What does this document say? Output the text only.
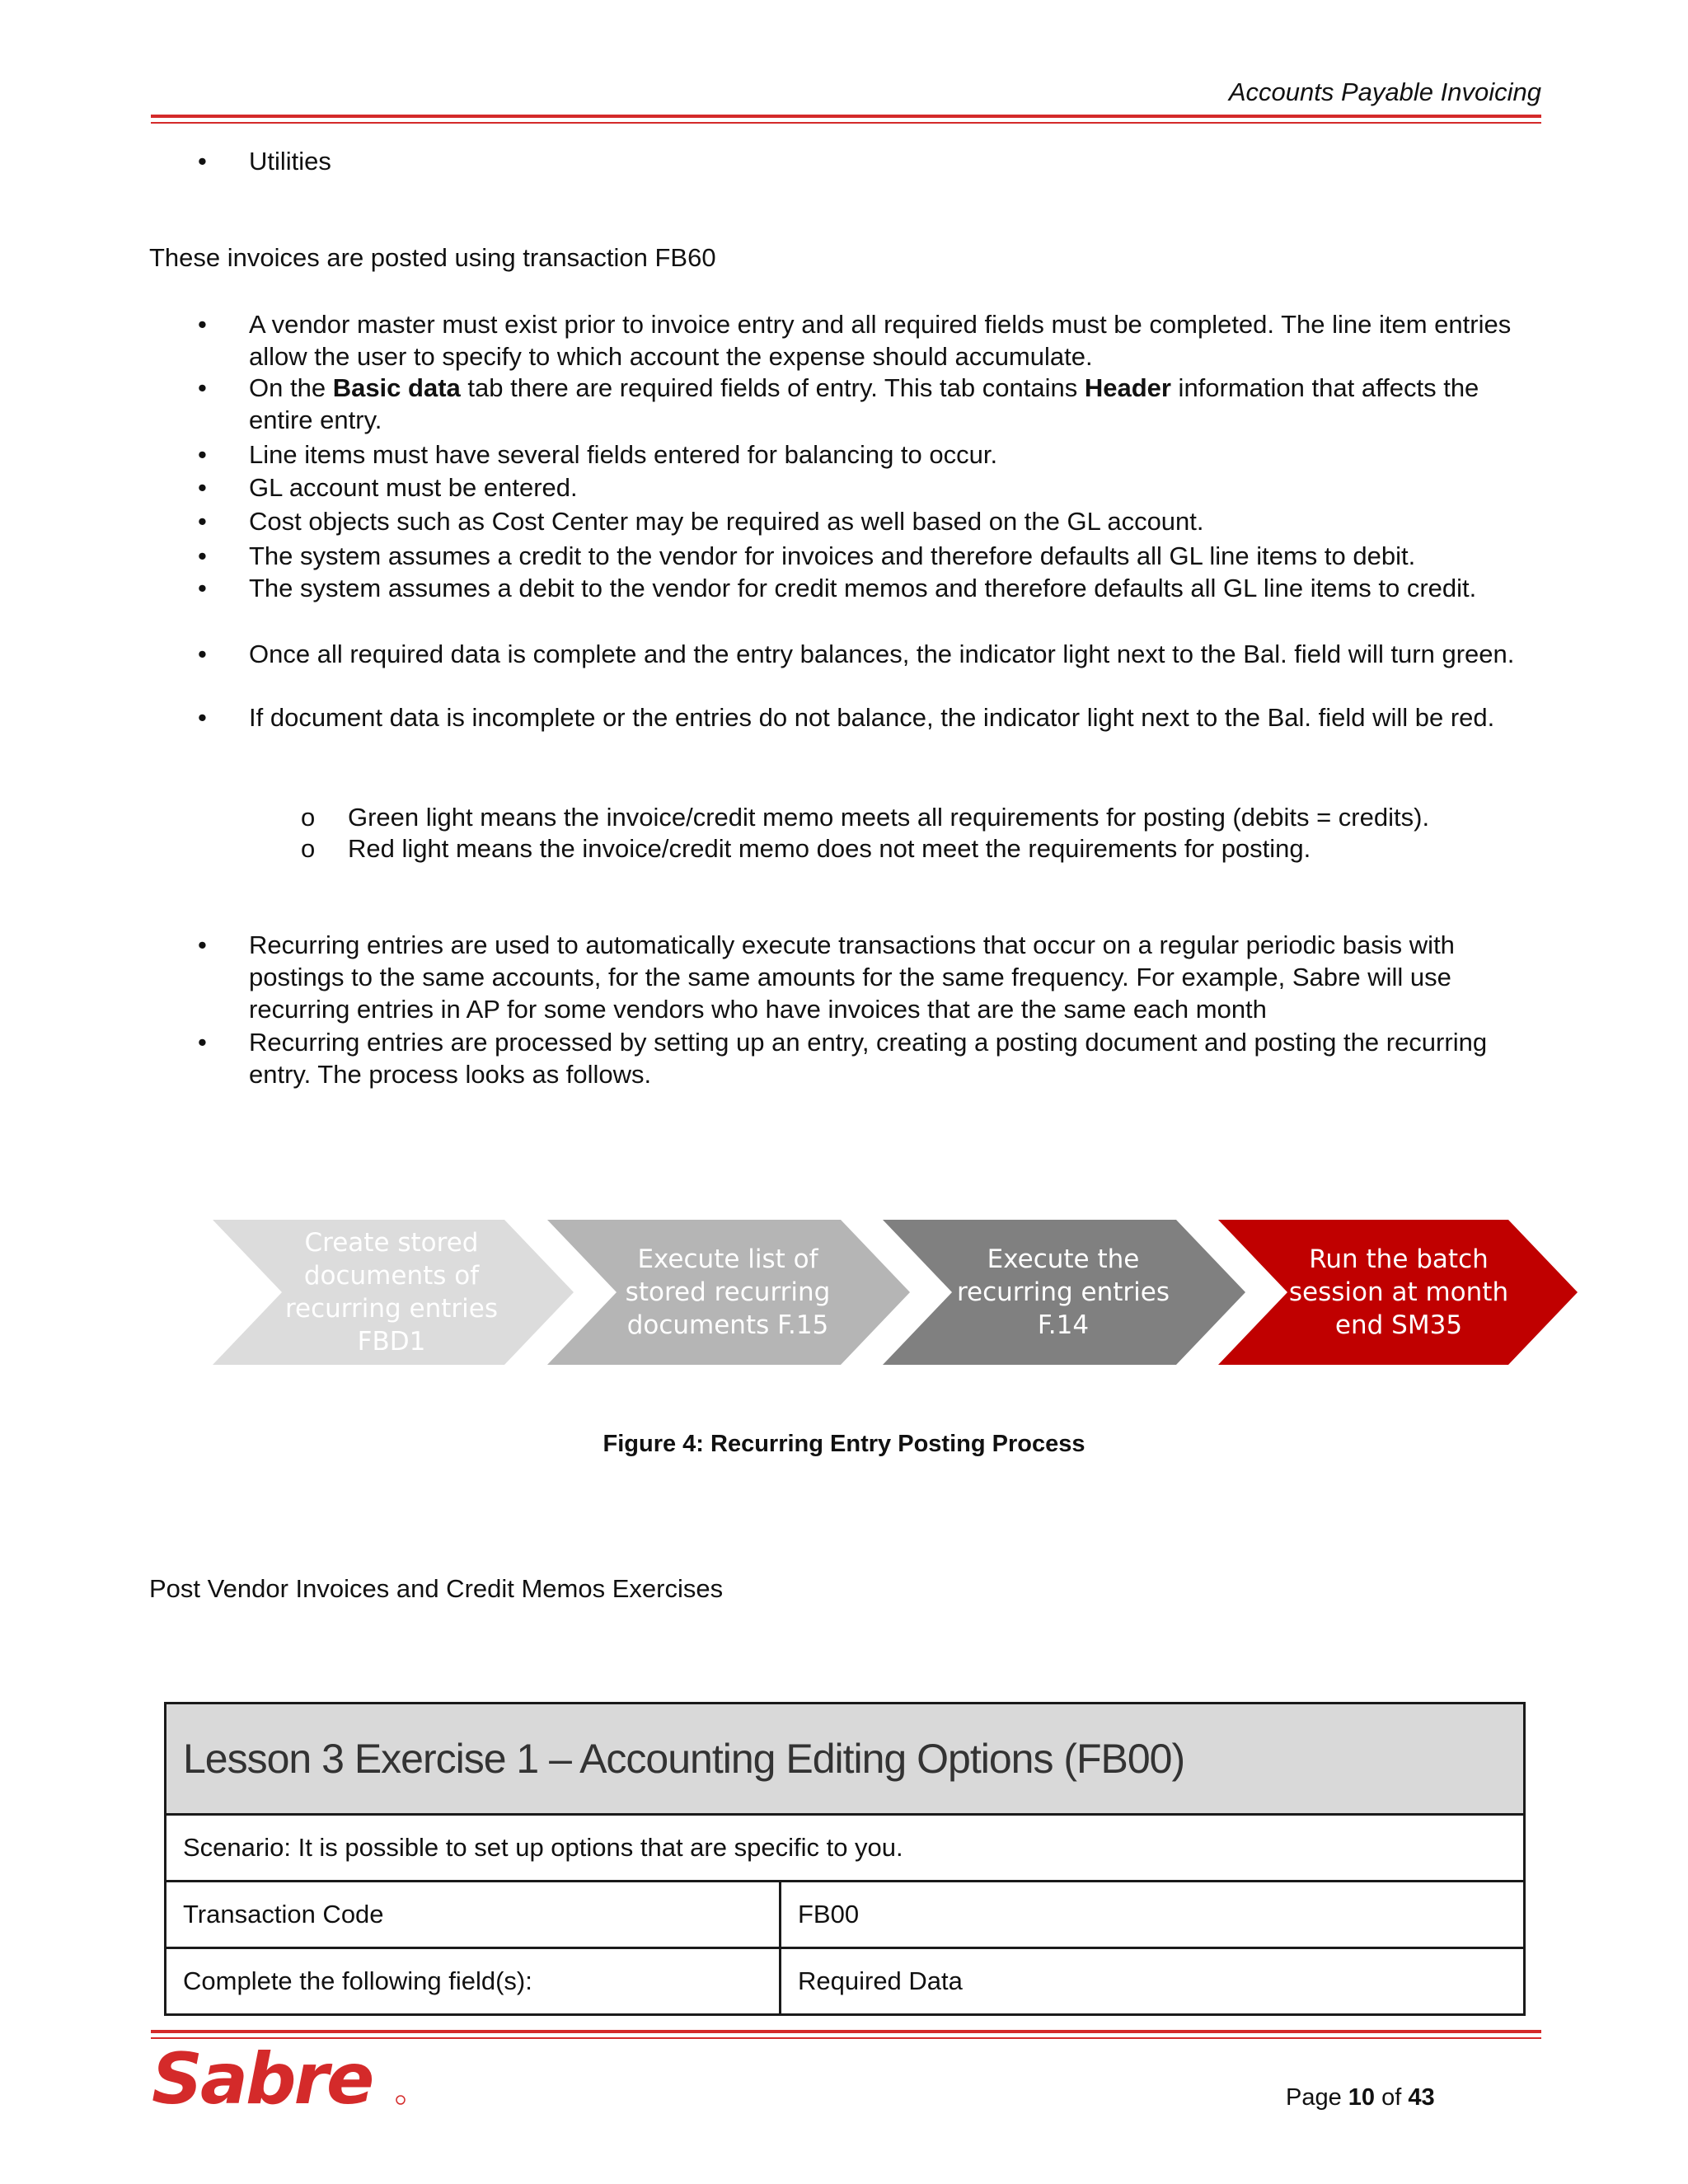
Accounts Payable Invoicing
• Utilities
These invoices are posted using transaction FB60
• A vendor master must exist prior to invoice entry and all required fields must be completed. The line item entries allow the user to specify to which account the expense should accumulate.
• On the Basic data tab there are required fields of entry. This tab contains Header information that affects the entire entry.
• Line items must have several fields entered for balancing to occur.
• GL account must be entered.
• Cost objects such as Cost Center may be required as well based on the GL account.
• The system assumes a credit to the vendor for invoices and therefore defaults all GL line items to debit.
• The system assumes a debit to the vendor for credit memos and therefore defaults all GL line items to credit.
• Once all required data is complete and the entry balances, the indicator light next to the Bal. field will turn green.
• If document data is incomplete or the entries do not balance, the indicator light next to the Bal. field will be red.
o Green light means the invoice/credit memo meets all requirements for posting (debits = credits).
o Red light means the invoice/credit memo does not meet the requirements for posting.
• Recurring entries are used to automatically execute transactions that occur on a regular periodic basis with postings to the same accounts, for the same amounts for the same frequency. For example, Sabre will use recurring entries in AP for some vendors who have invoices that are the same each month
• Recurring entries are processed by setting up an entry, creating a posting document and posting the recurring entry. The process looks as follows.
Create stored
documents of
recurring entries
FBD1
Execute list of
stored recurring
documents F.15
Execute the
recurring entries
F.14
Run the batch
session at month
end SM35
Figure 4: Recurring Entry Posting Process
Post Vendor Invoices and Credit Memos Exercises
Lesson 3 Exercise 1 – Accounting Editing Options (FB00)
Scenario: It is possible to set up options that are specific to you.
Transaction Code	FB00
Complete the following field(s):	Required Data
Sabre	Page 10 of 43
